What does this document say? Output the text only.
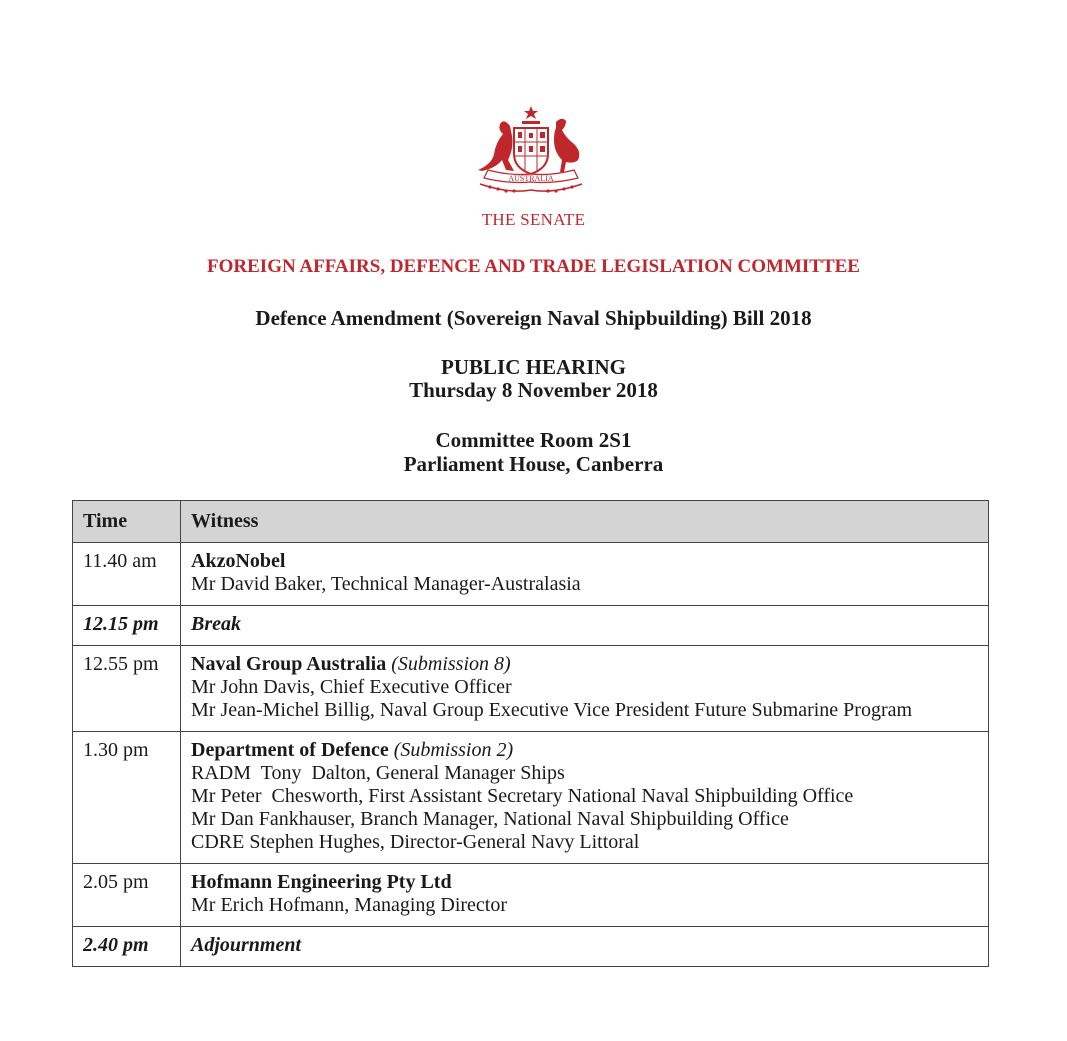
AUSTRALIA
THE SENATE
FOREIGN AFFAIRS, DEFENCE AND TRADE LEGISLATION COMMITTEE
Defence Amendment (Sovereign Naval Shipbuilding) Bill 2018
PUBLIC HEARING
Thursday 8 November 2018
Committee Room 2S1
Parliament House, Canberra
Time	Witness
11.40 am	AkzoNobel
Mr David Baker, Technical Manager-Australasia

12.15 pm	Break
12.55 pm	Naval Group Australia (Submission 8)
Mr John Davis, Chief Executive Officer
Mr Jean-Michel Billig, Naval Group Executive Vice President Future Submarine Program

1.30 pm	Department of Defence (Submission 2)
RADM  Tony  Dalton, General Manager Ships
Mr Peter  Chesworth, First Assistant Secretary National Naval Shipbuilding Office
Mr Dan Fankhauser, Branch Manager, National Naval Shipbuilding Office
CDRE Stephen Hughes, Director-General Navy Littoral

2.05 pm	Hofmann Engineering Pty Ltd
Mr Erich Hofmann, Managing Director

2.40 pm	Adjournment
